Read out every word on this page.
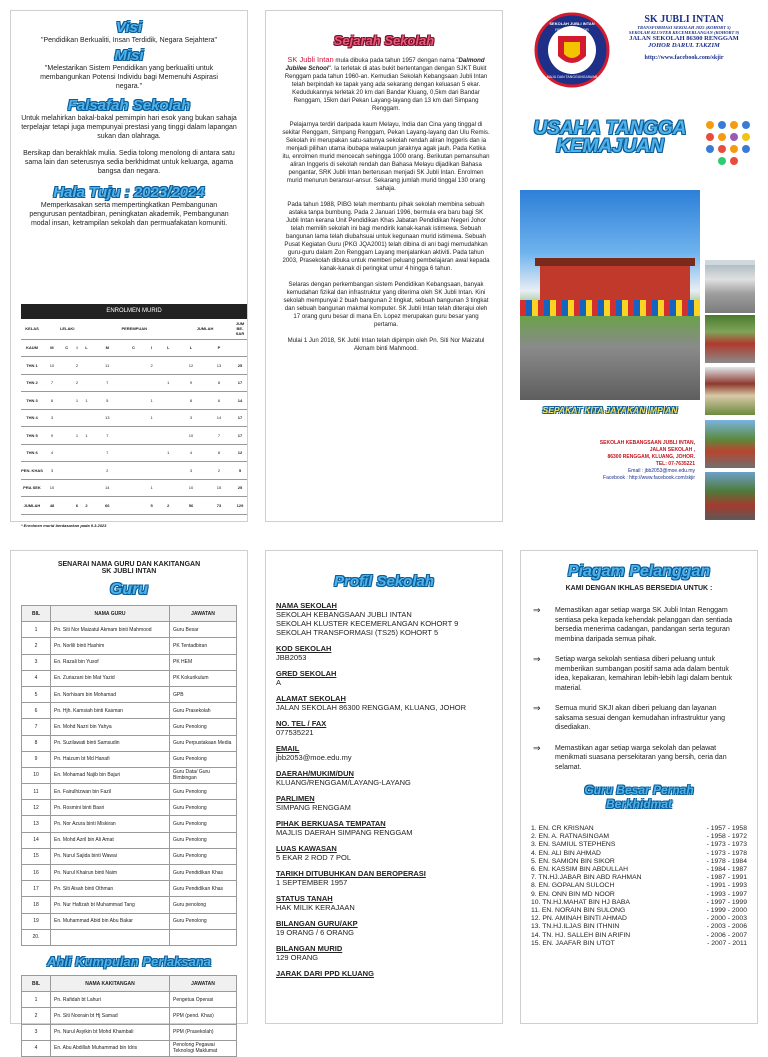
Visi
"Pendidikan Berkualiti, Insan Terdidik, Negara Sejahtera"
Misi
"Melestarikan Sistem Pendidikan yang berkualiti untuk membangunkan Potensi Individu bagi Memenuhi Aspirasi negara."
Falsafah Sekolah
Untuk melahirkan bakal-bakal pemimpin hari esok yang bukan sahaja terpelajar tetapi juga mempunyai prestasi yang tinggi dalam lapangan sukan dan olahraga.
Bersikap dan berakhlak mulia. Sedia tolong menolong di antara satu sama lain dan seterusnya sedia berkhidmat untuk keluarga, agama bangsa dan negara.
Hala Tuju : 2023/2024
Memperkasakan serta mempertingkatkan Pembangunan pengurusan pentadbiran, peningkatan akademik, Pembangunan modal insan, ketrampilan sekolah dan permuafakatan komuniti.
ENROLMEN MURID
KELAS	LELAKI				PEREMPUAN				JUMLAH		JUM BE- SAR
KAUM	M	C	I	L	M	C	I	L	L	P	
THN 1	10		2		11		2		12	13	25
THN 2	7		2		7			1	9	8	17
THN 3	8		1	1	5		1		8	6	14
THN 4	3				13		1		3	14	17
THN 5	9		1	1	7				10	7	17
THN 6	4				7			1	4	8	12
PEN. KHAS	3				2				3	2	5
PRA SEK	10				14		1		10	15	25
JUMLAH	48		6	2	66		5	2	56	73	129
* Enrolmen murid berdasarkan pada 9.3.2023
Sejarah Sekolah

SK Jubli Intan mula dibuka pada tahun 1957 dengan nama "Dalmond Jubilee School". Ia terletak di atas bukit bertentangan dengan SJKT Bukit Renggam pada tahun 1960-an. Kemudian Sekolah Kebangsaan Jubli Intan telah berpindah ke tapak yang ada sekarang dengan keluasan 5 ekar. Kedudukannya terletak 20 km dari Bandar Kluang, 0,5km dari Bandar Renggam, 15km dari Pekan Layang-layang dan 13 km dari Simpang Renggam.

Pelajarnya terdiri daripada kaum Melayu, India dan Cina yang tinggal di sekitar Renggam, Simpang Renggam, Pekan Layang-layang dan Ulu Remis. Sekolah ini merupakan satu-satunya sekolah rendah aliran Inggeris dan ia menjadi pilihan utama ibubapa walaupun jaraknya agak jauh. Pada Ketika itu, enrolmen murid mencecah sehingga 1000 orang. Berikutan pemansuhan aliran Inggeris di sekolah rendah dan Bahasa Melayu dijadikan Bahasa pengantar, SRK Jubli Intan berterusan menjadi SK Jubli Intan. Enrolmen murid menurun beransur-ansur. Sekarang jumlah murid tinggal 130 orang sahaja.

Pada tahun 1988, PIBG telah membantu pihak sekolah membina sebuah astaka tanpa bumbung. Pada 2 Januari 1996, bermula era baru bagi SK Jubli Intan kerana Unit Pendidikan Khas Jabatan Pendidikan Negeri Johor telah memilih sekolah ini bagi mendirik kanak-kanak istimewa. Sebuah bangunan lama telah diubahsuai untuk kegunaan murid istimewa. Sebuah Pusat Kegiatan Guru (PKG JQA2001) telah dibina di ani bagi memudahkan guru-guru dalam Zon Renggam Layang menjalankan aktiviti. Pada tahun 2003, Prasekolah dibuka untuk memberi peluang pembelajaran awal kepada kanak-kanak di peringkat umur 4 hingga 6 tahun.

Selaras dengan perkembangan sistem Pendidikan Kebangsaan, banyak kemudahan fizikal dan infrastruktur yang diterima oleh SK Jubli Intan. Kini sekolah mempunyai 2 buah bangunan 2 tingkat, sebuah bangunan 3 tingkat dan sebuah bangunan makmal komputer. SK Jubli Intan telah diterajui oleh 17 orang guru besar di mana En. Lopez merupakan guru besar yang pertama.

Mulai 1 Jun 2018, SK Jubli Intan telah dipimpin oleh Pn. Siti Nor Maizatul Akmam binti Mahmood.

SEKOLAH JUBLI INTAN
RENGAM, JOHOR
MAJU DAN TANGGUNGJAWAB
SK JUBLI INTAN
TRANSFORMASI SEKOLAH 2025 (KOHORT 5)
SEKOLAH KLUSTER KECEMERLANGAN (KOHORT 9)
JALAN SEKOLAH 86300 RENGGAM
JOHOR DARUL TAKZIM
http://www.facebook.com/skjir
USAHA TANGGA KEMAJUAN
SEPAKAT KITA JAYAKAN IMPIAN
SEKOLAH KEBANGSAAN JUBLI INTAN,
JALAN SEKOLAH ,
86300 RENGGAM, KLUANG, JOHOR.
TEL: 07-7635221
Email : jbb2053@moe.edu.my
Facebook : http://www.facebook.com/skjir
SENARAI NAMA GURU DAN KAKITANGAN
SK JUBLI INTAN
Guru
BIL	NAMA GURU	JAWATAN
1	Pn. Siti Nor Maizatul Akmam binti Mahmood	Guru Besar
2	Pn. Norlili binti Hashim	PK Tentadbiran
3	En. Razali bin Yusof	PK HEM
4	En. Zuriazani bin Mat Yazid	PK Kokurikulum
5	En. Norhisam bin Mohamad	GPB
6	Pn. Hjh. Kamsiah binti Kasman	Guru Prasekolah
7	En. Mohd Nazri bin Yahya	Guru Penolong
8	Pn. Suzilawati binti Samsudin	Guru Perpustakaan Media
9	Pn. Haizum bt Md Hanafi	Guru Penolong
10	En. Mohamad Najib bin Bajuri	Guru Data/ Guru Bimbingan
11	En. Fairulhizwan bin Fazil	Guru Penolong
12	Pn. Rosmini binti Basri	Guru Penolong
13	Pn. Nor Azura binti Miskiran	Guru Penolong
14	En. Mohd Azril bin Ali Amat	Guru Penolong
15	Pn. Nurul Sajida binti Wawai	Guru Penolong
16	Pn. Nurul Khairun binti Naim	Guru Pendidikan Khas
17	Pn. Siti Aisah binti Othman	Guru Pendidikan Khas
18	Pn. Nur Hafizah bt Muhammad Tang	Guru penolong
19	En. Muhammad Abid bin Abu Bakar	Guru Penolong
20.		
Ahli Kumpulan Perlaksana
BIL	NAMA KAKITANGAN	JAWATAN
1	Pn. Rafidah bt Lahuri	Pengetua Operasi
2	Pn. Siti Noorain bt Hj Samad	PPM (pend. Khas)
3	Pn. Nurul Asyikin bt Mohd Khambali	PPM (Prasekolah)
4	En. Abu Abdillah Muhammad bin Idris	Penolong Pegawai Teknologi Maklumat
Profil Sekolah
NAMA SEKOLAH
SEKOLAH KEBANGSAAN JUBLI INTAN
SEKOLAH KLUSTER KECEMERLANGAN KOHORT 9
SEKOLAH TRANSFORMASI (TS25) KOHORT 5
KOD SEKOLAH
JBB2053
GRED SEKOLAH
A
ALAMAT SEKOLAH
JALAN SEKOLAH 86300 RENGGAM, KLUANG, JOHOR
NO. TEL / FAX
077535221
EMAIL
jbb2053@moe.edu.my
DAERAH/MUKIM/DUN
KLUANG/RENGGAM/LAYANG-LAYANG
PARLIMEN
SIMPANG RENGGAM
PIHAK BERKUASA TEMPATAN
MAJLIS DAERAH SIMPANG RENGGAM
LUAS KAWASAN
5 EKAR 2 ROD 7 POL
TARIKH DITUBUHKAN DAN BEROPERASI
1 SEPTEMBER 1957
STATUS TANAH
HAK MILIK KERAJAAN
BILANGAN GURU/AKP
19 ORANG / 6 ORANG
BILANGAN MURID
129 ORANG
JARAK DARI PPD KLUANG
Piagam Pelanggan
KAMI DENGAN IKHLAS BERSEDIA UNTUK :
⇒	Memastikan agar setiap warga SK Jubli Intan Renggam sentiasa peka kepada kehendak pelanggan dan sentiada bersedia menerima cadangan, pandangan serta teguran membina daripada semua pihak.
⇒	Setiap warga sekolah sentiasa diberi peluang untuk memberikan sumbangan positif sama ada dalam bentuk idea, kepakaran, kemahiran lebih-lebih lagi dalam bentuk material.
⇒	Semua murid SKJI akan diberi peluang dan layanan saksama sesuai dengan kemudahan infrastruktur yang disediakan.
⇒	Memastikan agar setiap warga sekolah dan pelawat menikmati suasana persekitaran yang bersih, ceria dan selamat.
Guru Besar Pernah Berkhidmat
1. EN. CR KRISNAN	- 1957 - 1958
2. EN. A. RATNASINGAM	- 1958 - 1972
3. EN. SAMIUL STEPHENS	- 1973 - 1973
4. EN. ALI BIN AHMAD	- 1973 - 1978
5. EN. SAMION BIN SIKOR	- 1978 - 1984
6. EN. KASSIM BIN ABDULLAH	- 1984 - 1987
7. TN.HJ.JABAR BIN ABD RAHMAN	- 1987 - 1991
8. EN. GOPALAN SULOCH	- 1991 - 1993
9. EN. ONN BIN MD NOOR	- 1993 - 1997
10. TN.HJ.MAHAT BIN HJ BABA	- 1997 - 1999
11. EN. NORAIN BIN SULONG	- 1999 - 2000
12. PN. AMINAH BINTI AHMAD	- 2000 - 2003
13. TN.HJ.ILJAS BIN ITHNIN	- 2003 - 2006
14. TN. HJ. SALLEH BIN ARIFIN	- 2006 - 2007
15. EN. JAAFAR BIN UTOT	- 2007 - 2011
